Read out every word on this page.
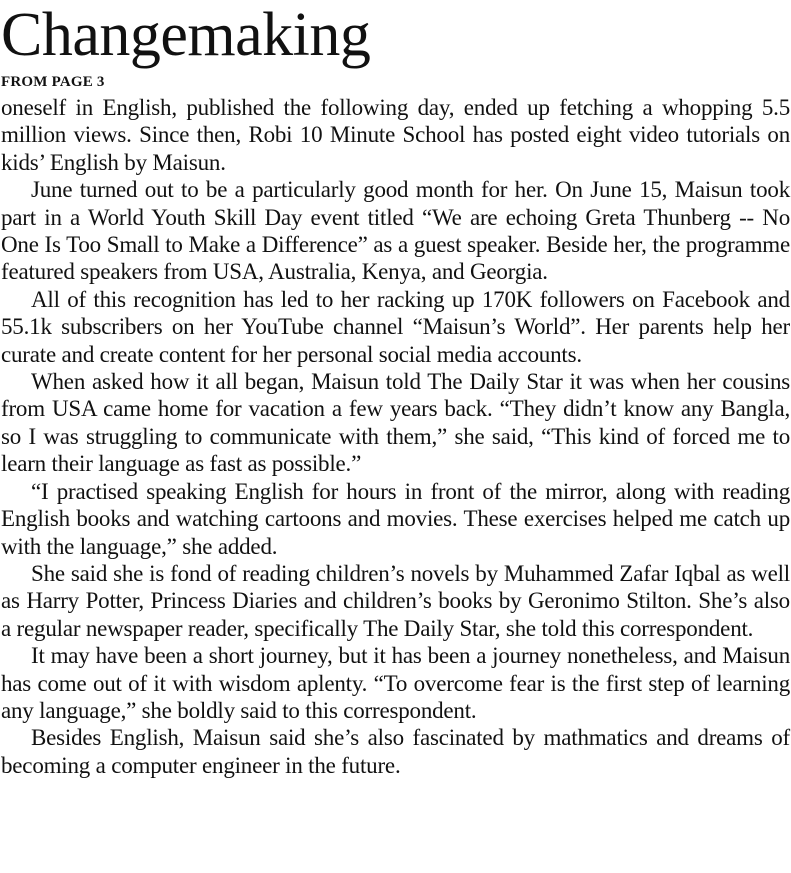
Changemaking
FROM PAGE 3

oneself in English, published the following day, ended up fetching a whopping 5.5 million views. Since then, Robi 10 Minute School has posted eight video tutorials on kids’ English by Maisun.

June turned out to be a particularly good month for her. On June 15, Maisun took part in a World Youth Skill Day event titled “We are echoing Greta Thunberg -- No One Is Too Small to Make a Difference” as a guest speaker. Beside her, the programme featured speakers from USA, Australia, Kenya, and Georgia.

All of this recognition has led to her racking up 170K followers on Facebook and 55.1k subscribers on her YouTube channel “Maisun’s World”. Her parents help her curate and create content for her personal social media accounts.

When asked how it all began, Maisun told The Daily Star it was when her cousins from USA came home for vacation a few years back. “They didn’t know any Bangla, so I was struggling to communicate with them,” she said, “This kind of forced me to learn their language as fast as possible.”

“I practised speaking English for hours in front of the mirror, along with reading English books and watching cartoons and movies. These exercises helped me catch up with the language,” she added.

She said she is fond of reading children’s novels by Muhammed Zafar Iqbal as well as Harry Potter, Princess Diaries and children’s books by Geronimo Stilton. She’s also a regular newspaper reader, specifically The Daily Star, she told this correspondent.

It may have been a short journey, but it has been a journey nonetheless, and Maisun has come out of it with wisdom aplenty. “To overcome fear is the first step of learning any language,” she boldly said to this correspondent.

Besides English, Maisun said she’s also fascinated by mathmatics and dreams of becoming a computer engineer in the future.
